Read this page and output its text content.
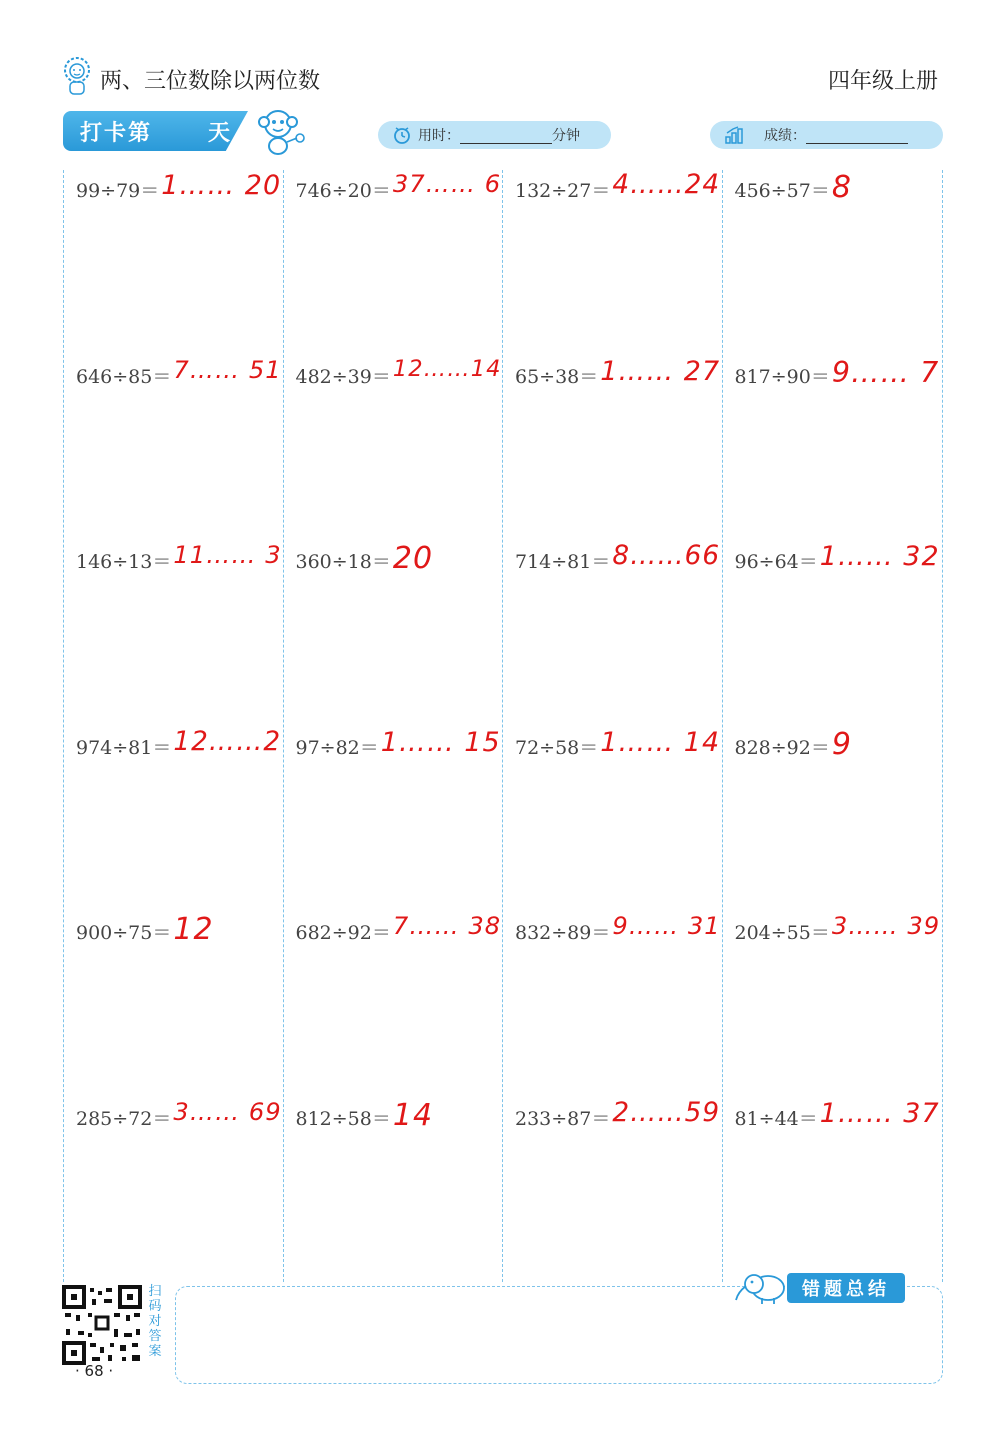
两、三位数除以两位数	四年级上册
打卡第	天	用时：	分钟	成绩：
99÷79＝ 1…… 20 746÷20＝ 37…… 6 132÷27＝ 4……24 456÷57＝ 8
646÷85＝ 7…… 51 482÷39＝ 12……14 65÷38＝ 1…… 27 817÷90＝ 9…… 7
146÷13＝ 11…… 3 360÷18＝ 20	714÷81＝ 8……66 96÷64＝ 1…… 32
974÷81＝ 12……2 97÷82＝ 1…… 15 72÷58＝ 1…… 14 828÷92＝ 9
900÷75＝ 12	682÷92＝ 7…… 38 832÷89＝ 9…… 31 204÷55＝ 3…… 39
285÷72＝ 3…… 69 812÷58＝ 14	233÷87＝ 2……59 81÷44＝ 1…… 37
错题总结
扫
码
对
答
案
· 68 ·
